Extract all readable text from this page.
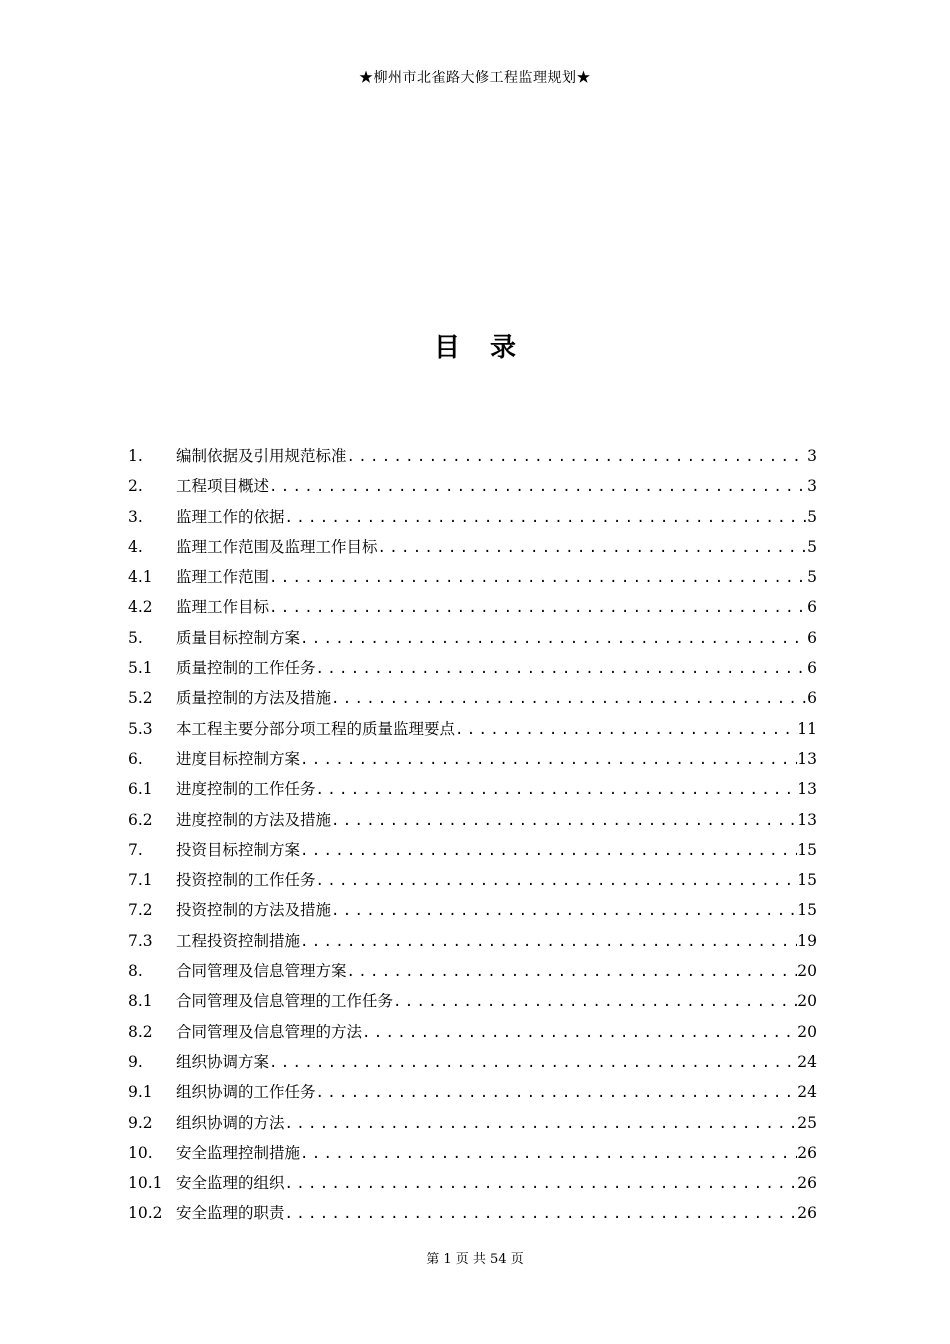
★柳州市北雀路大修工程监理规划★
目录
1.	编制依据及引用规范标准 .....	3
2.	工程项目概述 .....	3
3.	监理工作的依据 .....	5
4.	监理工作范围及监理工作目标 .....	5
4.1	监理工作范围 .....	5
4.2	监理工作目标 .....	6
5.	质量目标控制方案 .....	6
5.1	质量控制的工作任务 .....	6
5.2	质量控制的方法及措施 .....	6
5.3	本工程主要分部分项工程的质量监理要点 .....	11
6.	进度目标控制方案 .....	13
6.1	进度控制的工作任务 .....	13
6.2	进度控制的方法及措施 .....	13
7.	投资目标控制方案 .....	15
7.1	投资控制的工作任务 .....	15
7.2	投资控制的方法及措施 .....	15
7.3	工程投资控制措施 .....	19
8.	合同管理及信息管理方案 .....	20
8.1	合同管理及信息管理的工作任务 .....	20
8.2	合同管理及信息管理的方法 .....	20
9.	组织协调方案 .....	24
9.1	组织协调的工作任务 .....	24
9.2	组织协调的方法 .....	25
10.	安全监理控制措施 .....	26
10.1 安全监理的组织 .....	26
10.2 安全监理的职责 .....	26
第 1 页 共 54 页
